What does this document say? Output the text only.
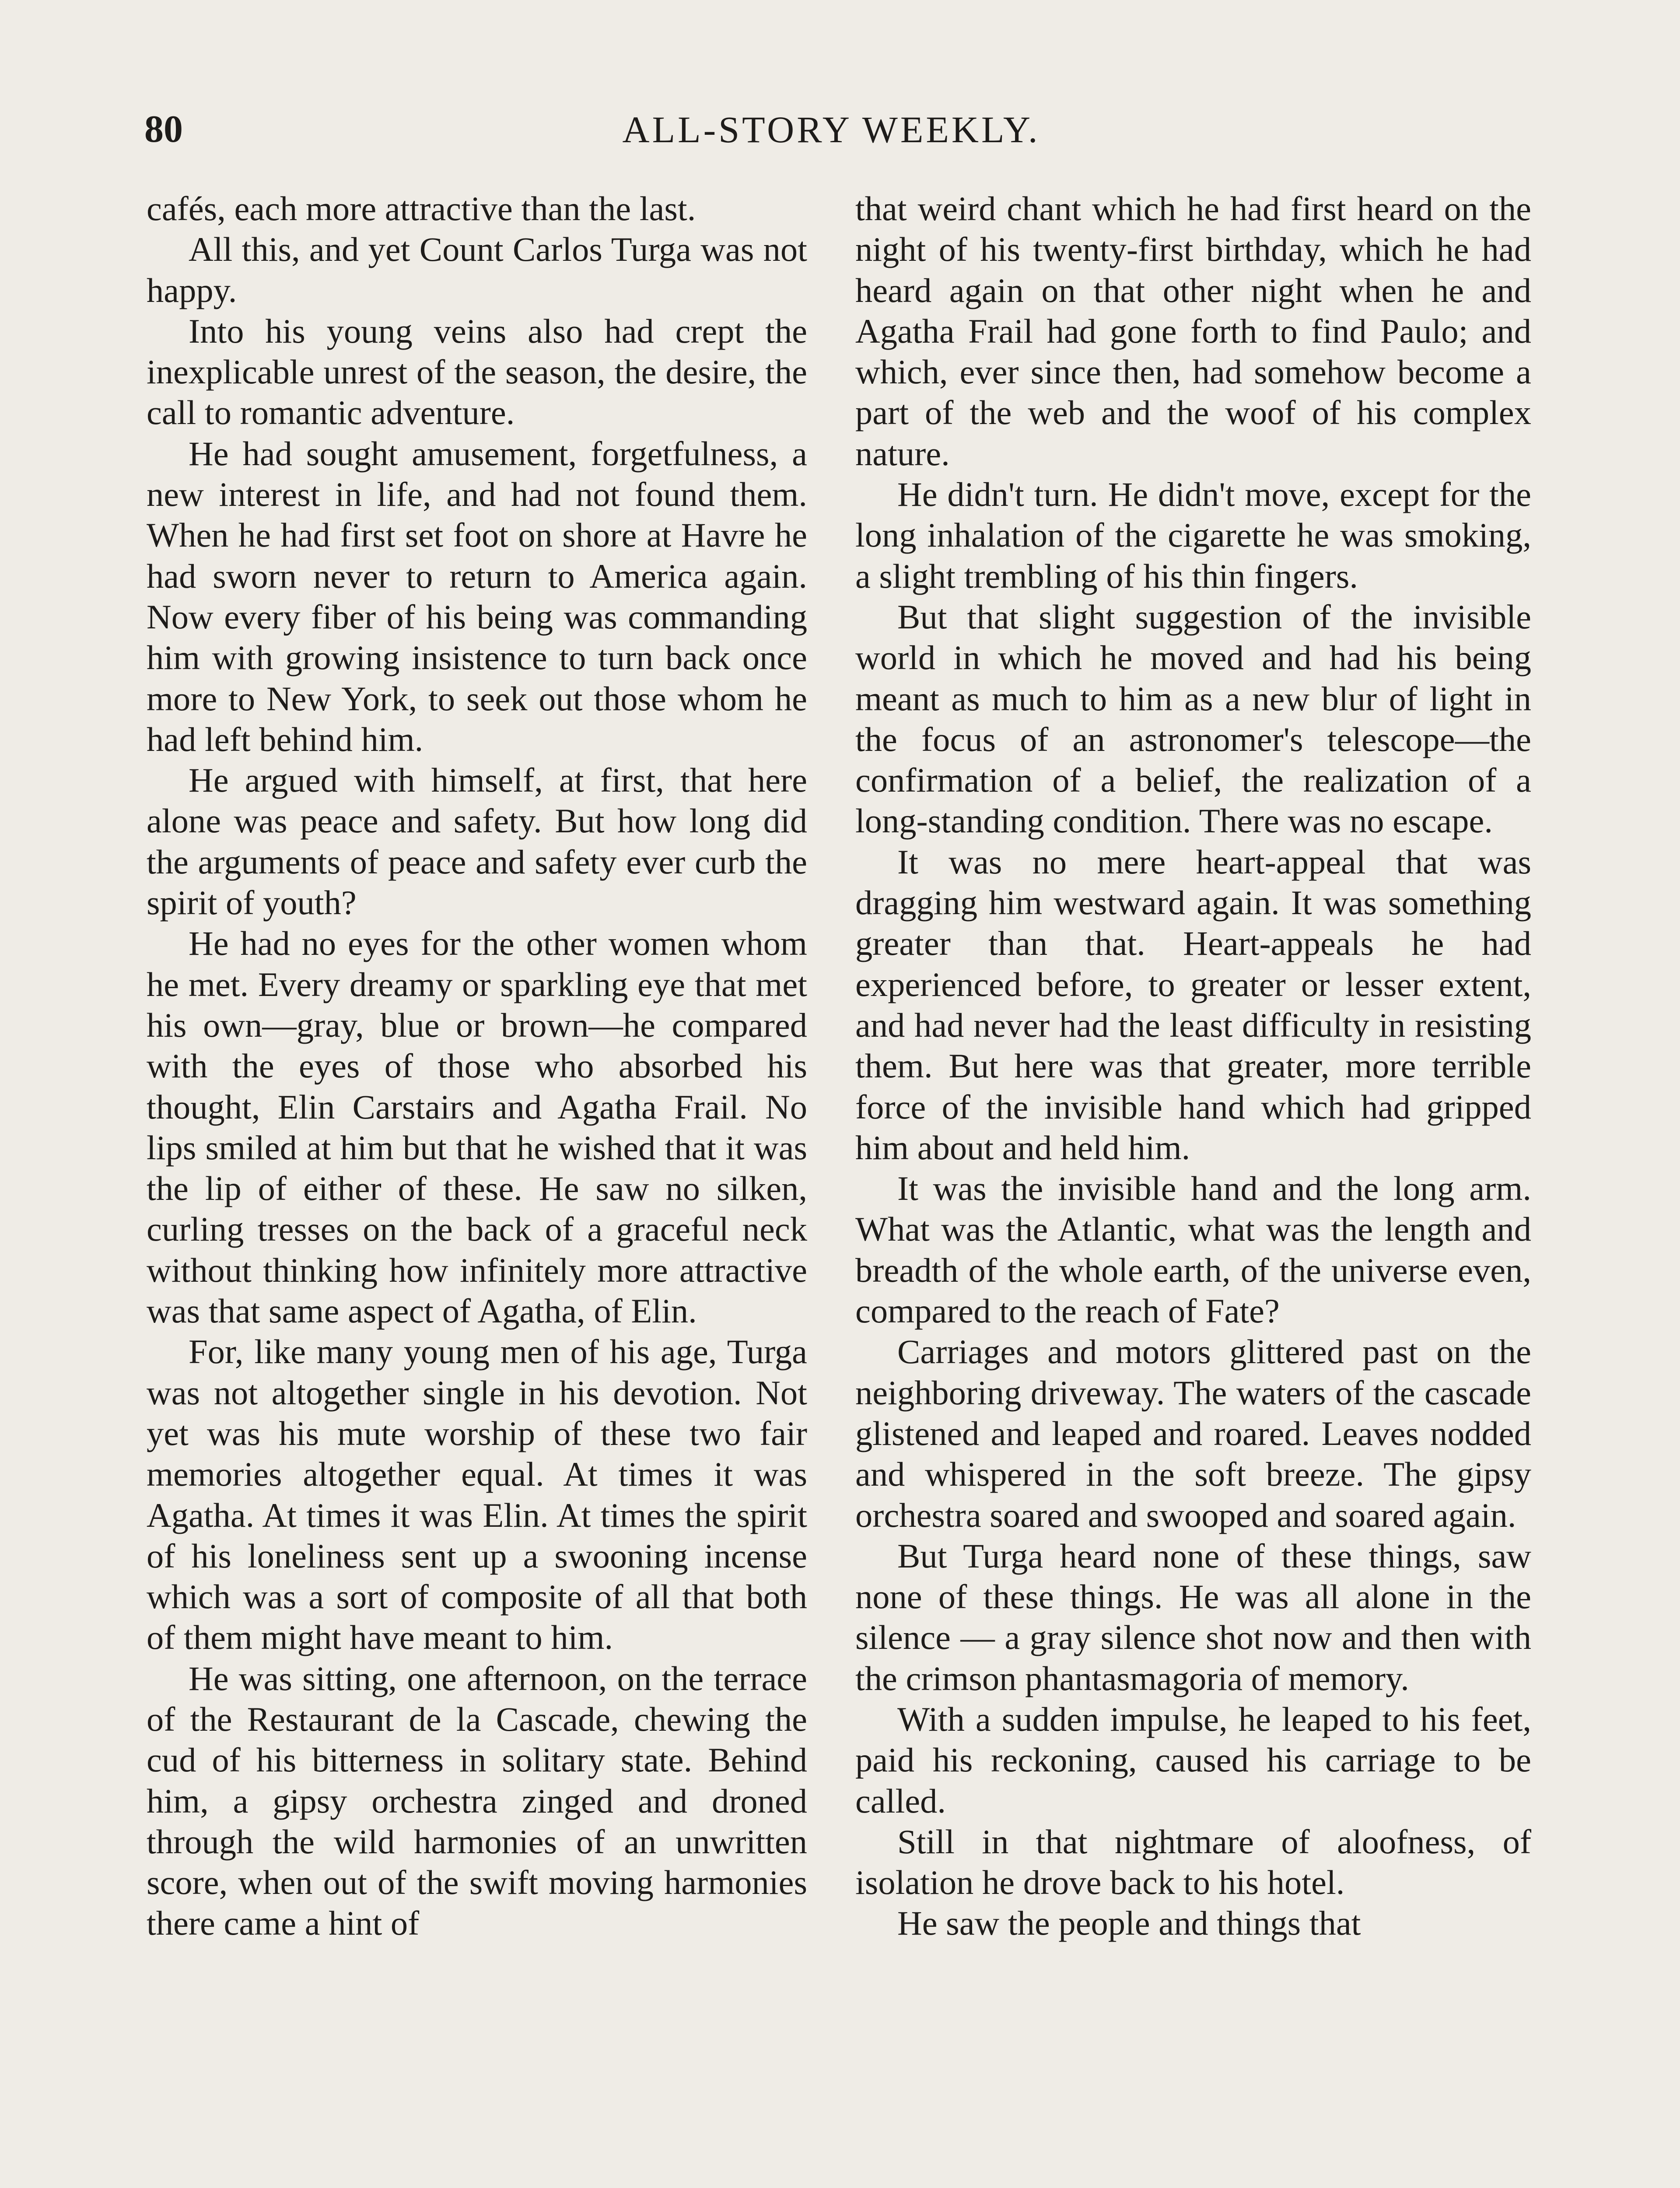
80	ALL-STORY WEEKLY.

cafés, each more attractive than the last.

All this, and yet Count Carlos Turga was not happy.

Into his young veins also had crept the inexplicable unrest of the season, the desire, the call to romantic adventure.

He had sought amusement, forgetfulness, a new interest in life, and had not found them. When he had first set foot on shore at Havre he had sworn never to return to America again. Now every fiber of his being was commanding him with growing insistence to turn back once more to New York, to seek out those whom he had left behind him.

He argued with himself, at first, that here alone was peace and safety. But how long did the arguments of peace and safety ever curb the spirit of youth?

He had no eyes for the other women whom he met. Every dreamy or sparkling eye that met his own—gray, blue or brown—he compared with the eyes of those who absorbed his thought, Elin Carstairs and Agatha Frail. No lips smiled at him but that he wished that it was the lip of either of these. He saw no silken, curling tresses on the back of a graceful neck without thinking how infinitely more attractive was that same aspect of Agatha, of Elin.

For, like many young men of his age, Turga was not altogether single in his devotion. Not yet was his mute worship of these two fair memories altogether equal. At times it was Agatha. At times it was Elin. At times the spirit of his loneliness sent up a swooning incense which was a sort of composite of all that both of them might have meant to him.

He was sitting, one afternoon, on the terrace of the Restaurant de la Cascade, chewing the cud of his bitterness in solitary state. Behind him, a gipsy orchestra zinged and droned through the wild harmonies of an unwritten score, when out of the swift moving harmonies there came a hint of

that weird chant which he had first heard on the night of his twenty-first birthday, which he had heard again on that other night when he and Agatha Frail had gone forth to find Paulo; and which, ever since then, had somehow become a part of the web and the woof of his complex nature.

He didn't turn. He didn't move, except for the long inhalation of the cigarette he was smoking, a slight trembling of his thin fingers.

But that slight suggestion of the invisible world in which he moved and had his being meant as much to him as a new blur of light in the focus of an astronomer's telescope—the confirmation of a belief, the realization of a long-standing condition. There was no escape.

It was no mere heart-appeal that was dragging him westward again. It was something greater than that. Heart-appeals he had experienced before, to greater or lesser extent, and had never had the least difficulty in resisting them. But here was that greater, more terrible force of the invisible hand which had gripped him about and held him.

It was the invisible hand and the long arm. What was the Atlantic, what was the length and breadth of the whole earth, of the universe even, compared to the reach of Fate?

Carriages and motors glittered past on the neighboring driveway. The waters of the cascade glistened and leaped and roared. Leaves nodded and whispered in the soft breeze. The gipsy orchestra soared and swooped and soared again.

But Turga heard none of these things, saw none of these things. He was all alone in the silence — a gray silence shot now and then with the crimson phantasmagoria of memory.

With a sudden impulse, he leaped to his feet, paid his reckoning, caused his carriage to be called.

Still in that nightmare of aloofness, of isolation he drove back to his hotel.

He saw the people and things that
